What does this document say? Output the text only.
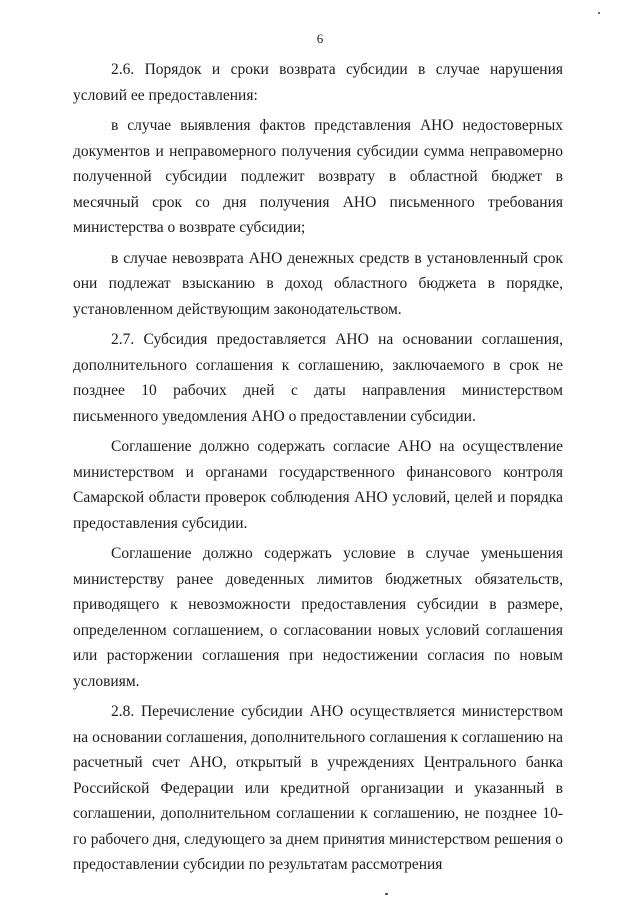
6

2.6. Порядок и сроки возврата субсидии в случае нарушения условий ее предоставления:

в случае выявления фактов представления АНО недостоверных документов и неправомерного получения субсидии сумма неправомерно полученной субсидии подлежит возврату в областной бюджет в месячный срок со дня получения АНО письменного требования министерства о возврате субсидии;

в случае невозврата АНО денежных средств в установленный срок они подлежат взысканию в доход областного бюджета в порядке, установленном действующим законодательством.

2.7. Субсидия предоставляется АНО на основании соглашения, дополнительного соглашения к соглашению, заключаемого в срок не позднее 10 рабочих дней с даты направления министерством письменного уведомления АНО о предоставлении субсидии.

Соглашение должно содержать согласие АНО на осуществление министерством и органами государственного финансового контроля Самарской области проверок соблюдения АНО условий, целей и порядка предоставления субсидии.

Соглашение должно содержать условие в случае уменьшения министерству ранее доведенных лимитов бюджетных обязательств, приводящего к невозможности предоставления субсидии в размере, определенном соглашением, о согласовании новых условий соглашения или расторжении соглашения при недостижении согласия по новым условиям.

2.8. Перечисление субсидии АНО осуществляется министерством на основании соглашения, дополнительного соглашения к соглашению на расчетный счет АНО, открытый в учреждениях Центрального банка Российской Федерации или кредитной организации и указанный в соглашении, дополнительном соглашении к соглашению, не позднее 10-го рабочего дня, следующего за днем принятия министерством решения о предоставлении субсидии по результатам рассмотрения
